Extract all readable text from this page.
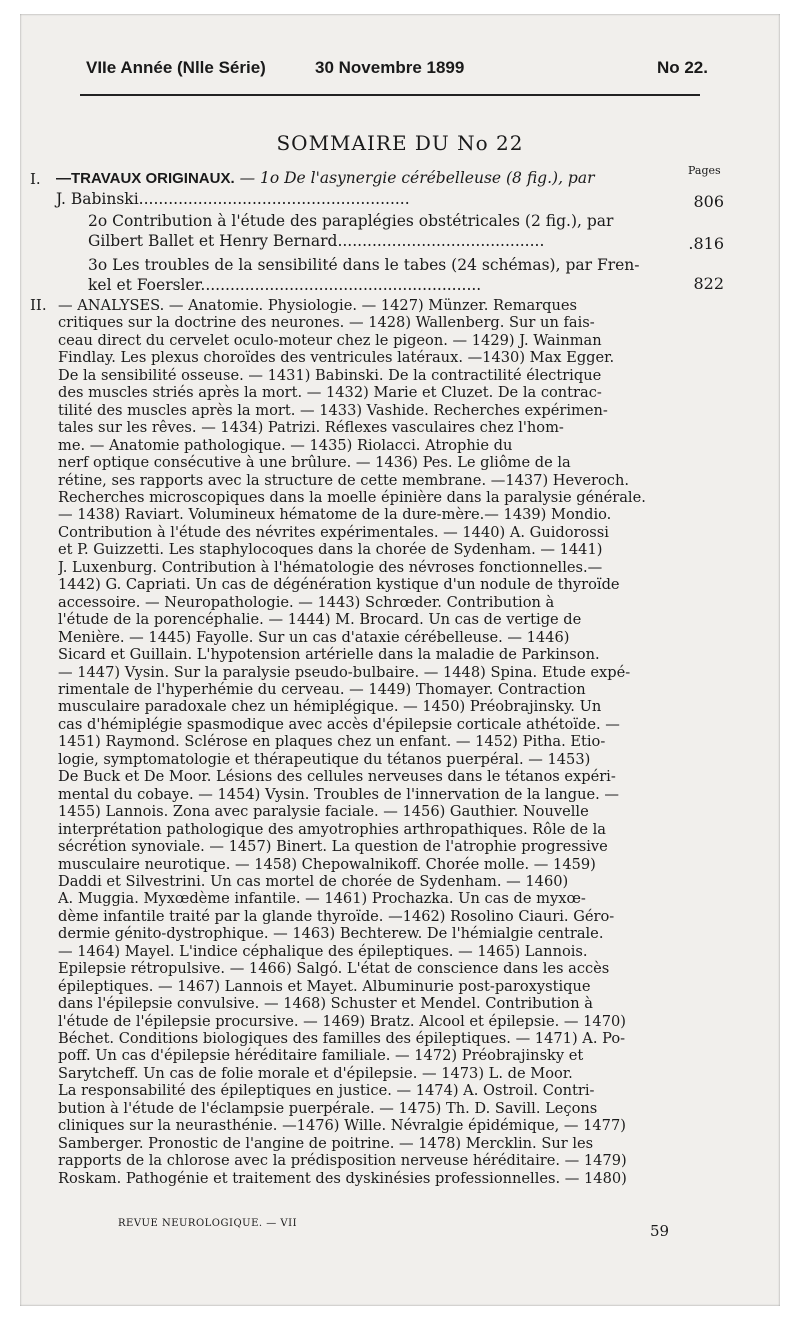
VIIe Année (Nlle Série)	30 Novembre 1899	No 22.
SOMMAIRE DU No 22
Pages
I. —TRAVAUX ORIGINAUX. — 1o De l'asynergie cérébelleuse (8 fig.), par
J. Babinski.......................................................	806
2o Contribution à l'étude des paraplégies obstétricales (2 fig.), par
Gilbert Ballet et Henry Bernard..........................................	.816
3o Les troubles de la sensibilité dans le tabes (24 schémas), par Fren-
kel et Foersler.........................................................	822
II. — ANALYSES. — Anatomie. Physiologie. — 1427) Münzer. Remarques
critiques sur la doctrine des neurones. — 1428) Wallenberg. Sur un fais-
ceau direct du cervelet oculo-moteur chez le pigeon. — 1429) J. Wainman
Findlay. Les plexus choroïdes des ventricules latéraux. —1430) Max Egger.
De la sensibilité osseuse. — 1431) Babinski. De la contractilité électrique
des muscles striés après la mort. — 1432) Marie et Cluzet. De la contrac-
tilité des muscles après la mort. — 1433) Vashide. Recherches expérimen-
tales sur les rêves. — 1434) Patrizi. Réflexes vasculaires chez l'hom-
me. — Anatomie pathologique. — 1435) Riolacci. Atrophie du
nerf optique consécutive à une brûlure. — 1436) Pes. Le gliôme de la
rétine, ses rapports avec la structure de cette membrane. —1437) Heveroch.
Recherches microscopiques dans la moelle épinière dans la paralysie générale.
— 1438) Raviart. Volumineux hématome de la dure-mère.— 1439) Mondio.
Contribution à l'étude des névrites expérimentales. — 1440) A. Guidorossi
et P. Guizzetti. Les staphylocoques dans la chorée de Sydenham. — 1441)
J. Luxenburg. Contribution à l'hématologie des névroses fonctionnelles.—
1442) G. Capriati. Un cas de dégénération kystique d'un nodule de thyroïde
accessoire. — Neuropathologie. — 1443) Schrœder. Contribution à
l'étude de la porencéphalie. — 1444) M. Brocard. Un cas de vertige de
Menière. — 1445) Fayolle. Sur un cas d'ataxie cérébelleuse. — 1446)
Sicard et Guillain. L'hypotension artérielle dans la maladie de Parkinson.
— 1447) Vysin. Sur la paralysie pseudo-bulbaire. — 1448) Spina. Etude expé-
rimentale de l'hyperhémie du cerveau. — 1449) Thomayer. Contraction
musculaire paradoxale chez un hémiplégique. — 1450) Préobrajinsky. Un
cas d'hémiplégie spasmodique avec accès d'épilepsie corticale athétoïde. —
1451) Raymond. Sclérose en plaques chez un enfant. — 1452) Pitha. Etio-
logie, symptomatologie et thérapeutique du tétanos puerpéral. — 1453)
De Buck et De Moor. Lésions des cellules nerveuses dans le tétanos expéri-
mental du cobaye. — 1454) Vysin. Troubles de l'innervation de la langue. —
1455) Lannois. Zona avec paralysie faciale. — 1456) Gauthier. Nouvelle
interprétation pathologique des amyotrophies arthropathiques. Rôle de la
sécrétion synoviale. — 1457) Binert. La question de l'atrophie progressive
musculaire neurotique. — 1458) Chepowalnikoff. Chorée molle. — 1459)
Daddi et Silvestrini. Un cas mortel de chorée de Sydenham. — 1460)
A. Muggia. Myxœdème infantile. — 1461) Prochazka. Un cas de myxœ-
dème infantile traité par la glande thyroïde. —1462) Rosolino Ciauri. Géro-
dermie génito-dystrophique. — 1463) Bechterew. De l'hémialgie centrale.
— 1464) Mayel. L'indice céphalique des épileptiques. — 1465) Lannois.
Epilepsie rétropulsive. — 1466) Salgó. L'état de conscience dans les accès
épileptiques. — 1467) Lannois et Mayet. Albuminurie post-paroxystique
dans l'épilepsie convulsive. — 1468) Schuster et Mendel. Contribution à
l'étude de l'épilepsie procursive. — 1469) Bratz. Alcool et épilepsie. — 1470)
Béchet. Conditions biologiques des familles des épileptiques. — 1471) A. Po-
poff. Un cas d'épilepsie héréditaire familiale. — 1472) Préobrajinsky et
Sarytcheff. Un cas de folie morale et d'épilepsie. — 1473) L. de Moor.
La responsabilité des épileptiques en justice. — 1474) A. Ostroil. Contri-
bution à l'étude de l'éclampsie puerpérale. — 1475) Th. D. Savill. Leçons
cliniques sur la neurasthénie. —1476) Wille. Névralgie épidémique, — 1477)
Samberger. Pronostic de l'angine de poitrine. — 1478) Mercklin. Sur les
rapports de la chlorose avec la prédisposition nerveuse héréditaire. — 1479)
Roskam. Pathogénie et traitement des dyskinésies professionnelles. — 1480)
REVUE NEUROLOGIQUE. — VII	59
